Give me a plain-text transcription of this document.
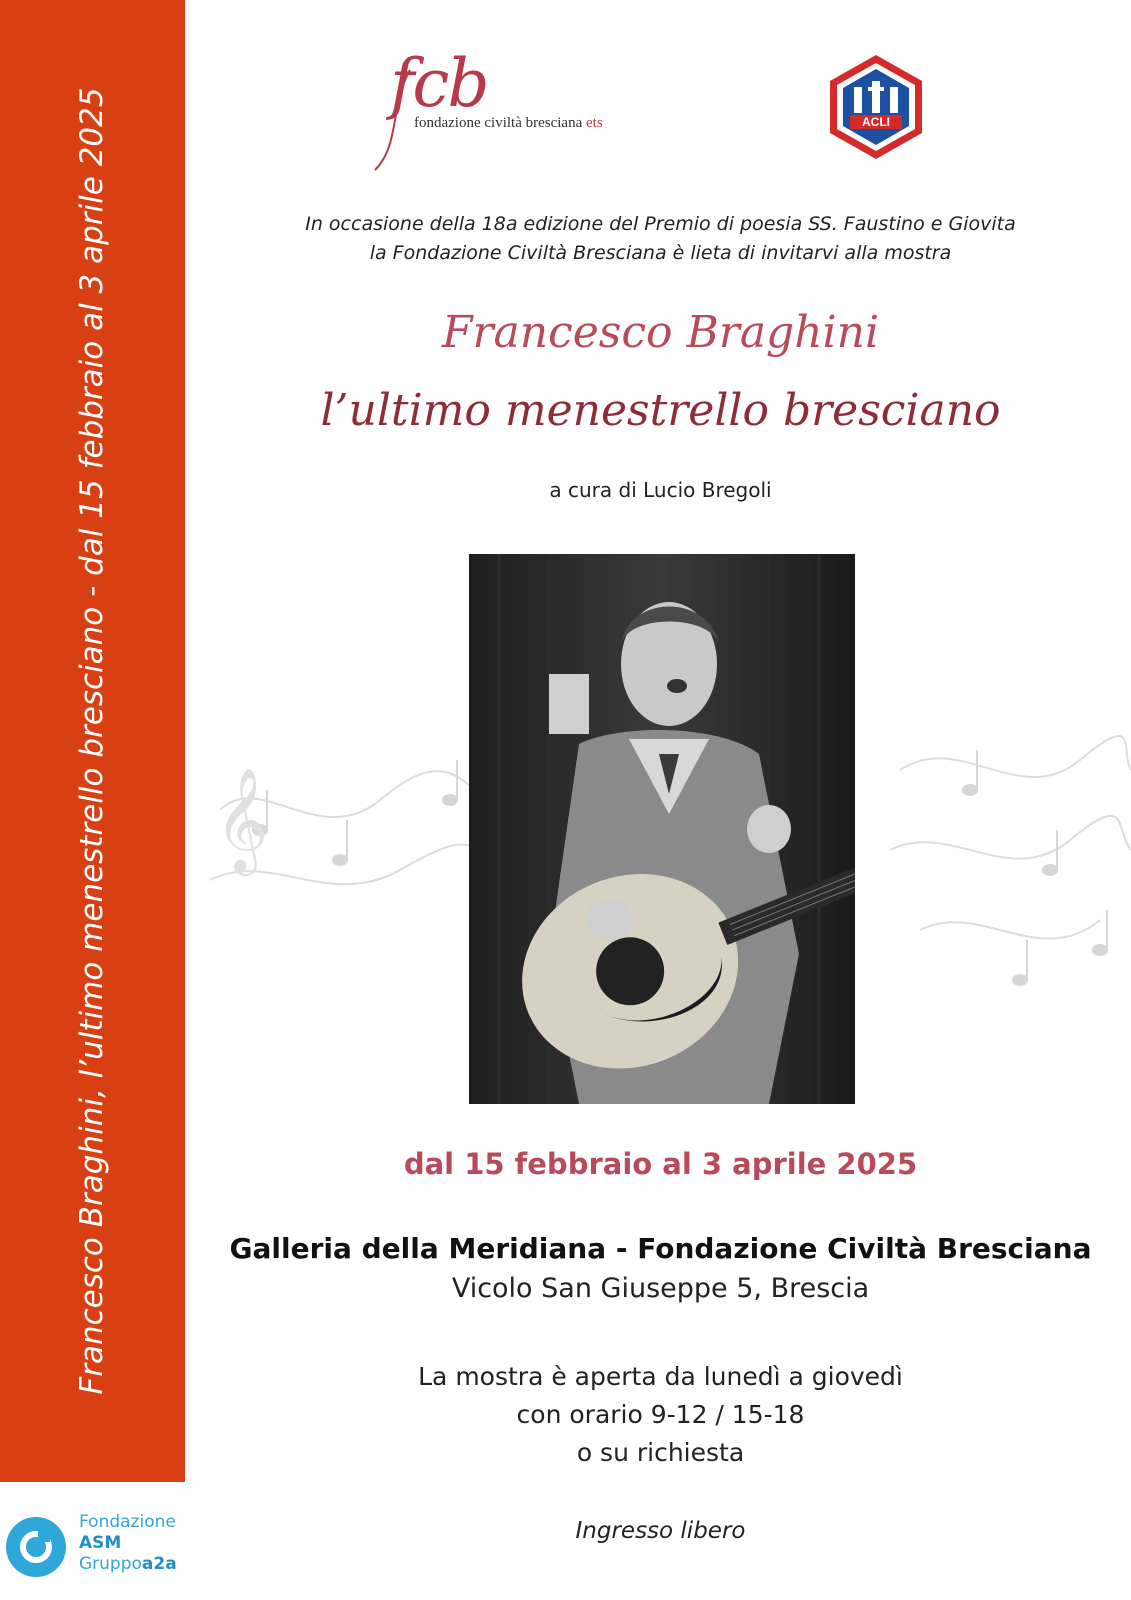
Francesco Braghini, l’ultimo menestrello bresciano - dal 15 febbraio al 3 aprile 2025 𝄞
fcb
fondazione civiltà bresciana ets	ACLI
In occasione della 18a edizione del Premio di poesia SS. Faustino e Giovita
la Fondazione Civiltà Bresciana è lieta di invitarvi alla mostra
Francesco Braghini
l’ultimo menestrello bresciano
a cura di Lucio Bregoli
dal 15 febbraio al 3 aprile 2025
Galleria della Meridiana - Fondazione Civiltà Bresciana
Vicolo San Giuseppe 5, Brescia
La mostra è aperta da lunedì a giovedì
con orario 9-12 / 15-18
o su richiesta
Ingresso libero
Fondazione
ASM
Gruppoa2a
